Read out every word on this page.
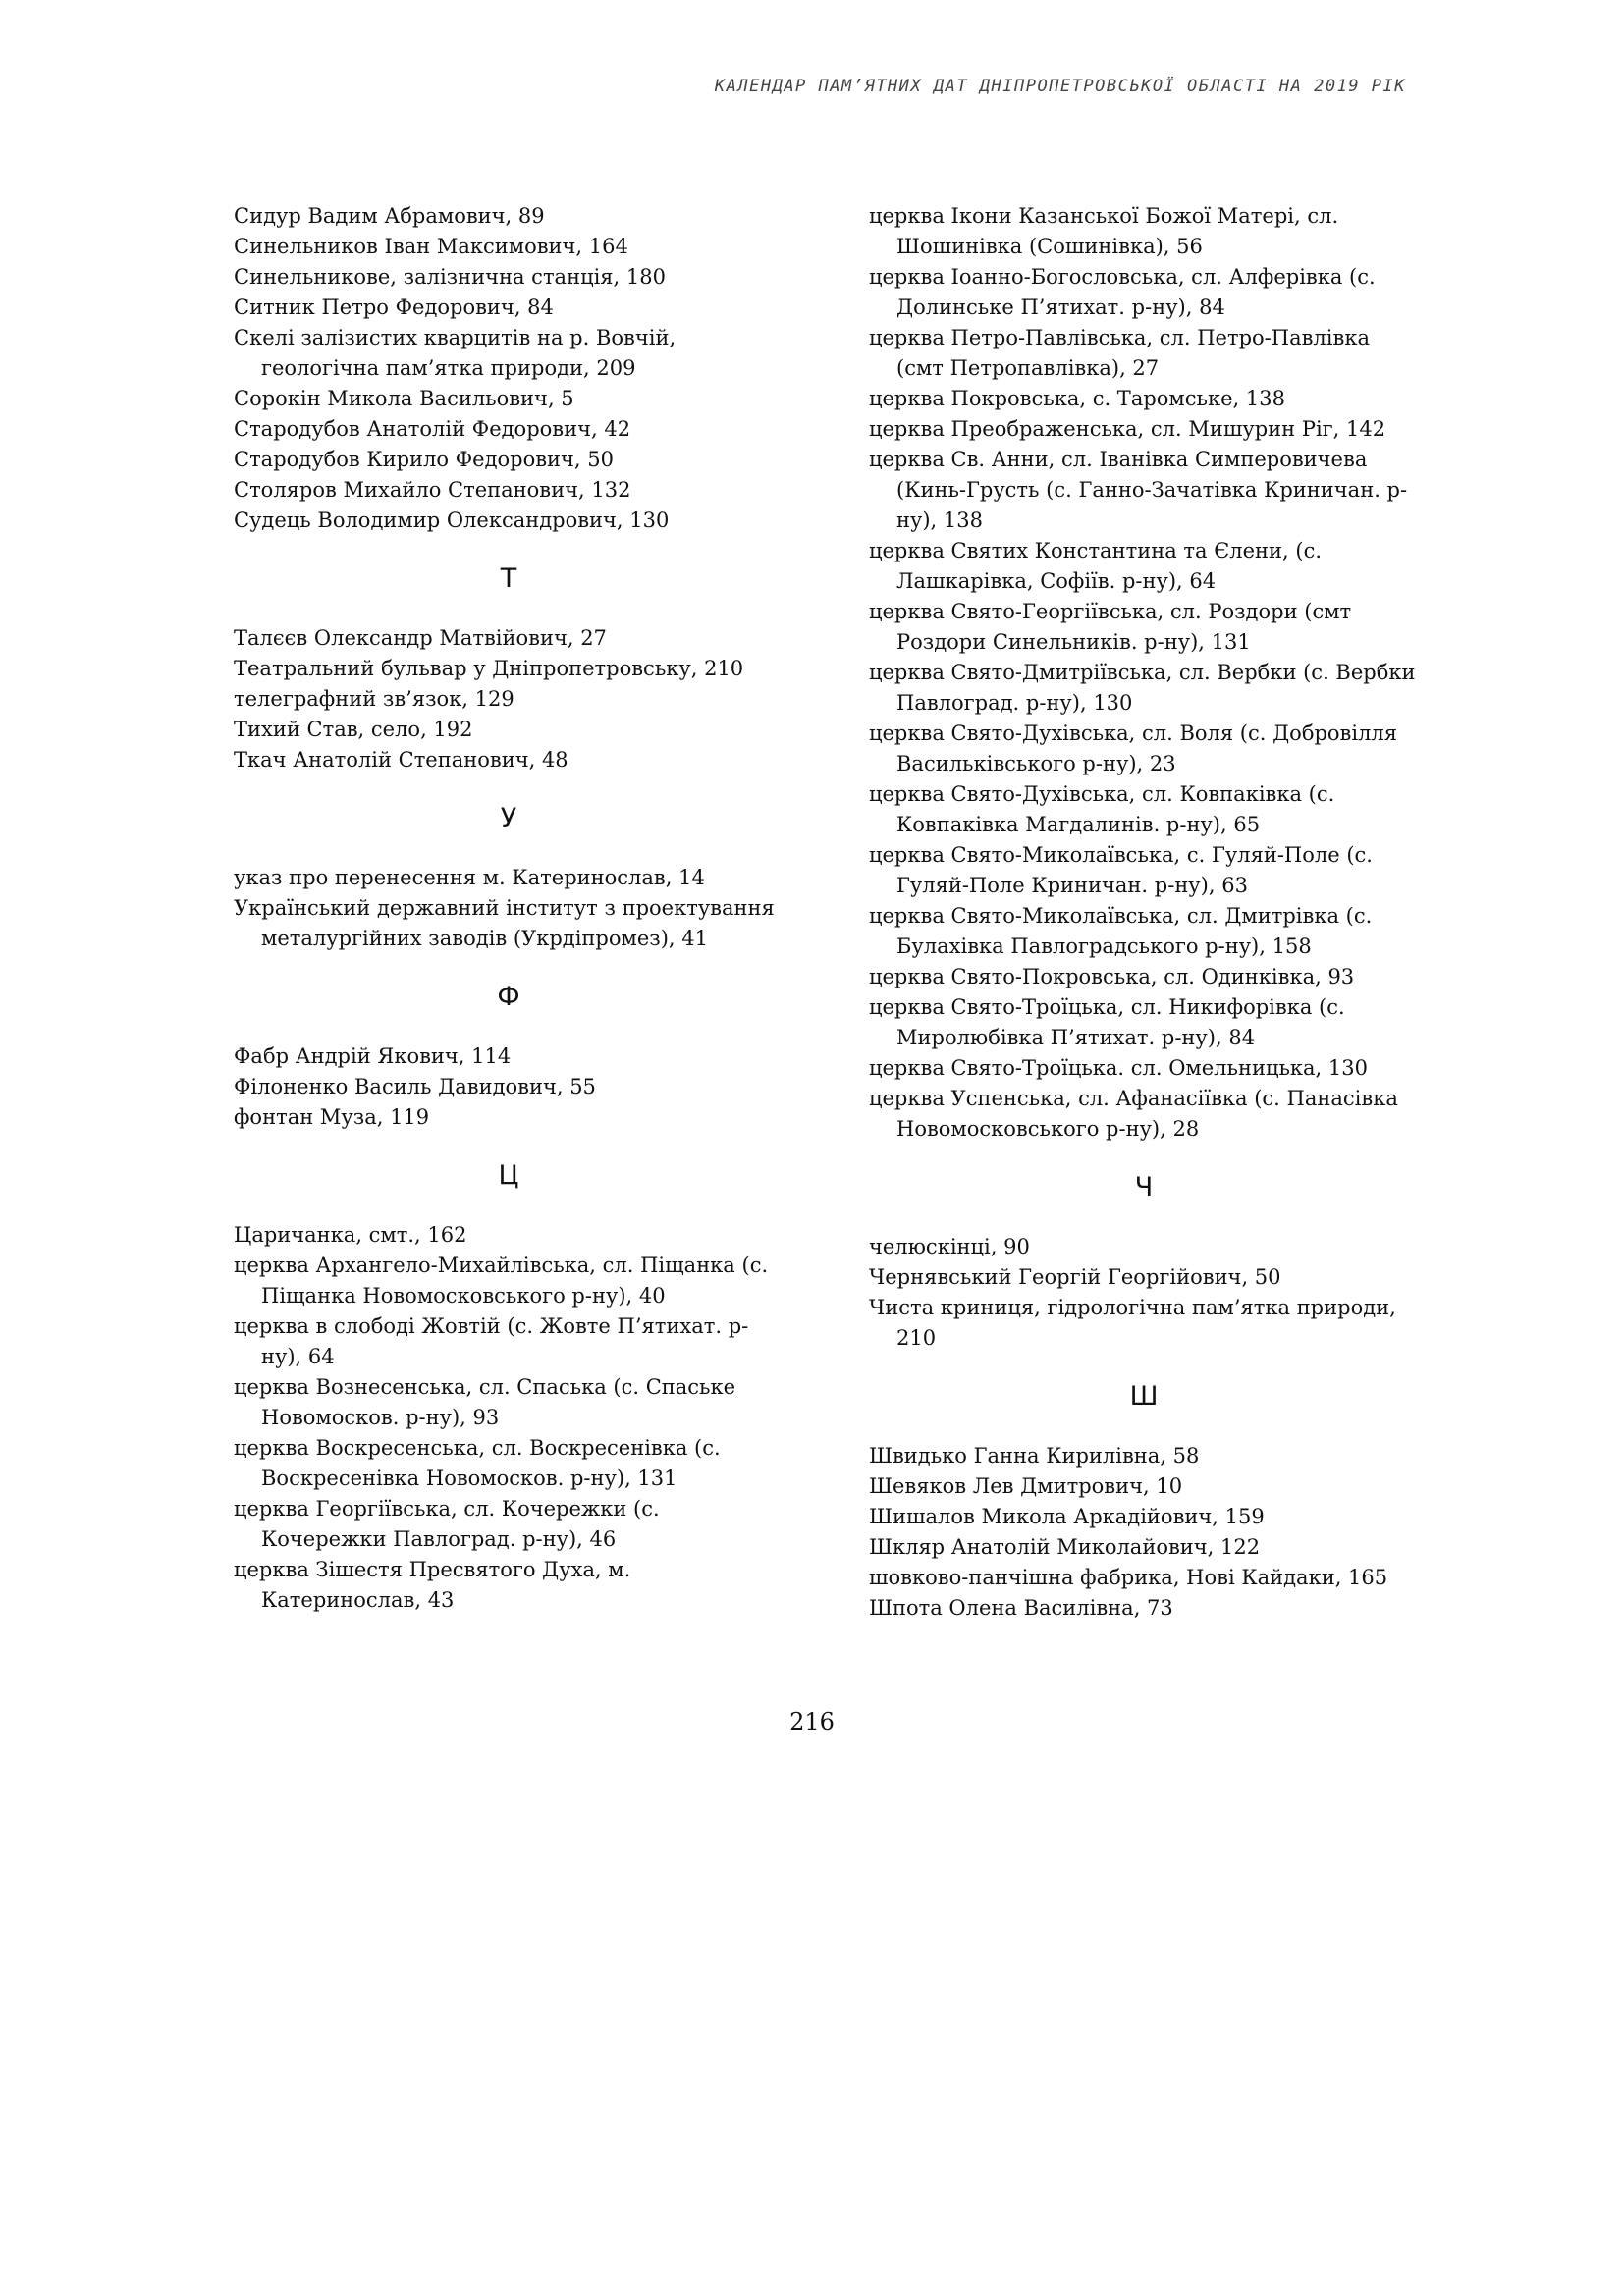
КАЛЕНДАР ПАМ’ЯТНИХ ДАТ ДНІПРОПЕТРОВСЬКОЇ ОБЛАСТІ НА 2019 РІК

Сидур Вадим Абрамович, 89

Синельников Іван Максимович, 164

Синельникове, залізнична станція, 180

Ситник Петро Федорович, 84

Скелі залізистих кварцитів на р. Вовчій, геологічна пам’ятка природи, 209

Сорокін Микола Васильович, 5

Стародубов Анатолій Федорович, 42

Стародубов Кирило Федорович, 50

Столяров Михайло Степанович, 132

Судець Володимир Олександрович, 130

Т

Талєєв Олександр Матвійович, 27

Театральний бульвар у Дніпропетровську, 210

телеграфний зв’язок, 129

Тихий Став, село, 192

Ткач Анатолій Степанович, 48

У

указ про перенесення м. Катеринослав, 14

Український державний інститут з проектування металургійних заводів (Укрдіпромез), 41

Ф

Фабр Андрій Якович, 114

Філоненко Василь Давидович, 55

фонтан Муза, 119

Ц

Царичанка, смт., 162

церква Архангело-Михайлівська, сл. Піщанка (с. Піщанка Новомосковського р-ну), 40

церква в слободі Жовтій (с. Жовте П’ятихат. р-ну), 64

церква Вознесенська, сл. Спаська (с. Спаське Новомосков. р-ну), 93

церква Воскресенська, сл. Воскресенівка (с. Воскресенівка Новомосков. р-ну), 131

церква Георгіївська, сл. Кочережки (с. Кочережки Павлоград. р-ну), 46

церква Зішестя Пресвятого Духа, м. Катеринослав, 43

церква Ікони Казанської Божої Матері, сл. Шошинівка (Сошинівка), 56

церква Іоанно-Богословська, сл. Алферівка (с. Долинське П’ятихат. р-ну), 84

церква Петро-Павлівська, сл. Петро-Павлівка (смт Петропавлівка), 27

церква Покровська, с. Таромське, 138

церква Преображенська, сл. Мишурин Ріг, 142

церква Св. Анни, сл. Іванівка Симперовичева (Кинь-Грусть (с. Ганно-Зачатівка Криничан. р-ну), 138

церква Святих Константина та Єлени, (с. Лашкарівка, Софіїв. р-ну), 64

церква Свято-Георгіївська, сл. Роздори (смт Роздори Синельників. р-ну), 131

церква Свято-Дмитріївська, сл. Вербки (с. Вербки Павлоград. р-ну), 130

церква Свято-Духівська, сл. Воля (с. Добровілля Васильківського р-ну), 23

церква Свято-Духівська, сл. Ковпаківка (с. Ковпаківка Магдалинів. р-ну), 65

церква Свято-Миколаївська, с. Гуляй-Поле (с. Гуляй-Поле Криничан. р-ну), 63

церква Свято-Миколаївська, сл. Дмитрівка (с. Булахівка Павлоградського р-ну), 158

церква Свято-Покровська, сл. Одинківка, 93

церква Свято-Троїцька, сл. Никифорівка (с. Миролюбівка П’ятихат. р-ну), 84

церква Свято-Троїцька. сл. Омельницька, 130

церква Успенська, сл. Афанасіївка (с. Панасівка Новомосковського р-ну), 28

Ч

челюскінці, 90

Чернявський Георгій Георгійович, 50

Чиста криниця, гідрологічна пам’ятка природи, 210

Ш

Швидько Ганна Кирилівна, 58

Шевяков Лев Дмитрович, 10

Шишалов Микола Аркадійович, 159

Шкляр Анатолій Миколайович, 122

шовково-панчішна фабрика, Нові Кайдаки, 165

Шпота Олена Василівна, 73

216
